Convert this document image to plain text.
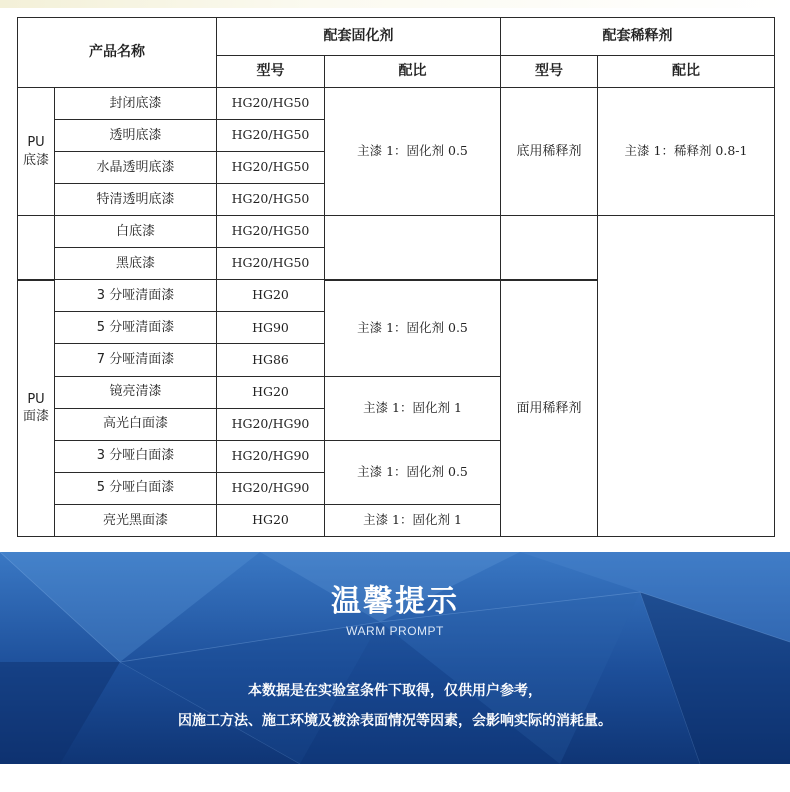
产品名称		配套固化剂		配套稀释剂	
		型号	配比	型号	配比

PU
底漆	封闭底漆	HG20/HG50	主漆 1：固化剂 0.5	底用稀释剂	主漆 1：稀释剂 0.8-1
	透明底漆	HG20/HG50			
	水晶透明底漆	HG20/HG50			
	特清透明底漆	HG20/HG50			
	白底漆	HG20/HG50			
	黑底漆	HG20/HG50			

PU
面漆	3 分哑清面漆	HG20	主漆 1：固化剂 0.5	面用稀释剂	
	5 分哑清面漆	HG90			
	7 分哑清面漆	HG86			
	镜亮清漆	HG20	主漆 1：固化剂 1		
	高光白面漆	HG20/HG90			
	3 分哑白面漆	HG20/HG90	主漆 1：固化剂 0.5		
	5 分哑白面漆	HG20/HG90			
	亮光黑面漆	HG20	主漆 1：固化剂 1		
温馨提示
WARM PROMPT
本数据是在实验室条件下取得，仅供用户参考，
因施工方法、施工环境及被涂表面情况等因素，会影响实际的消耗量。
